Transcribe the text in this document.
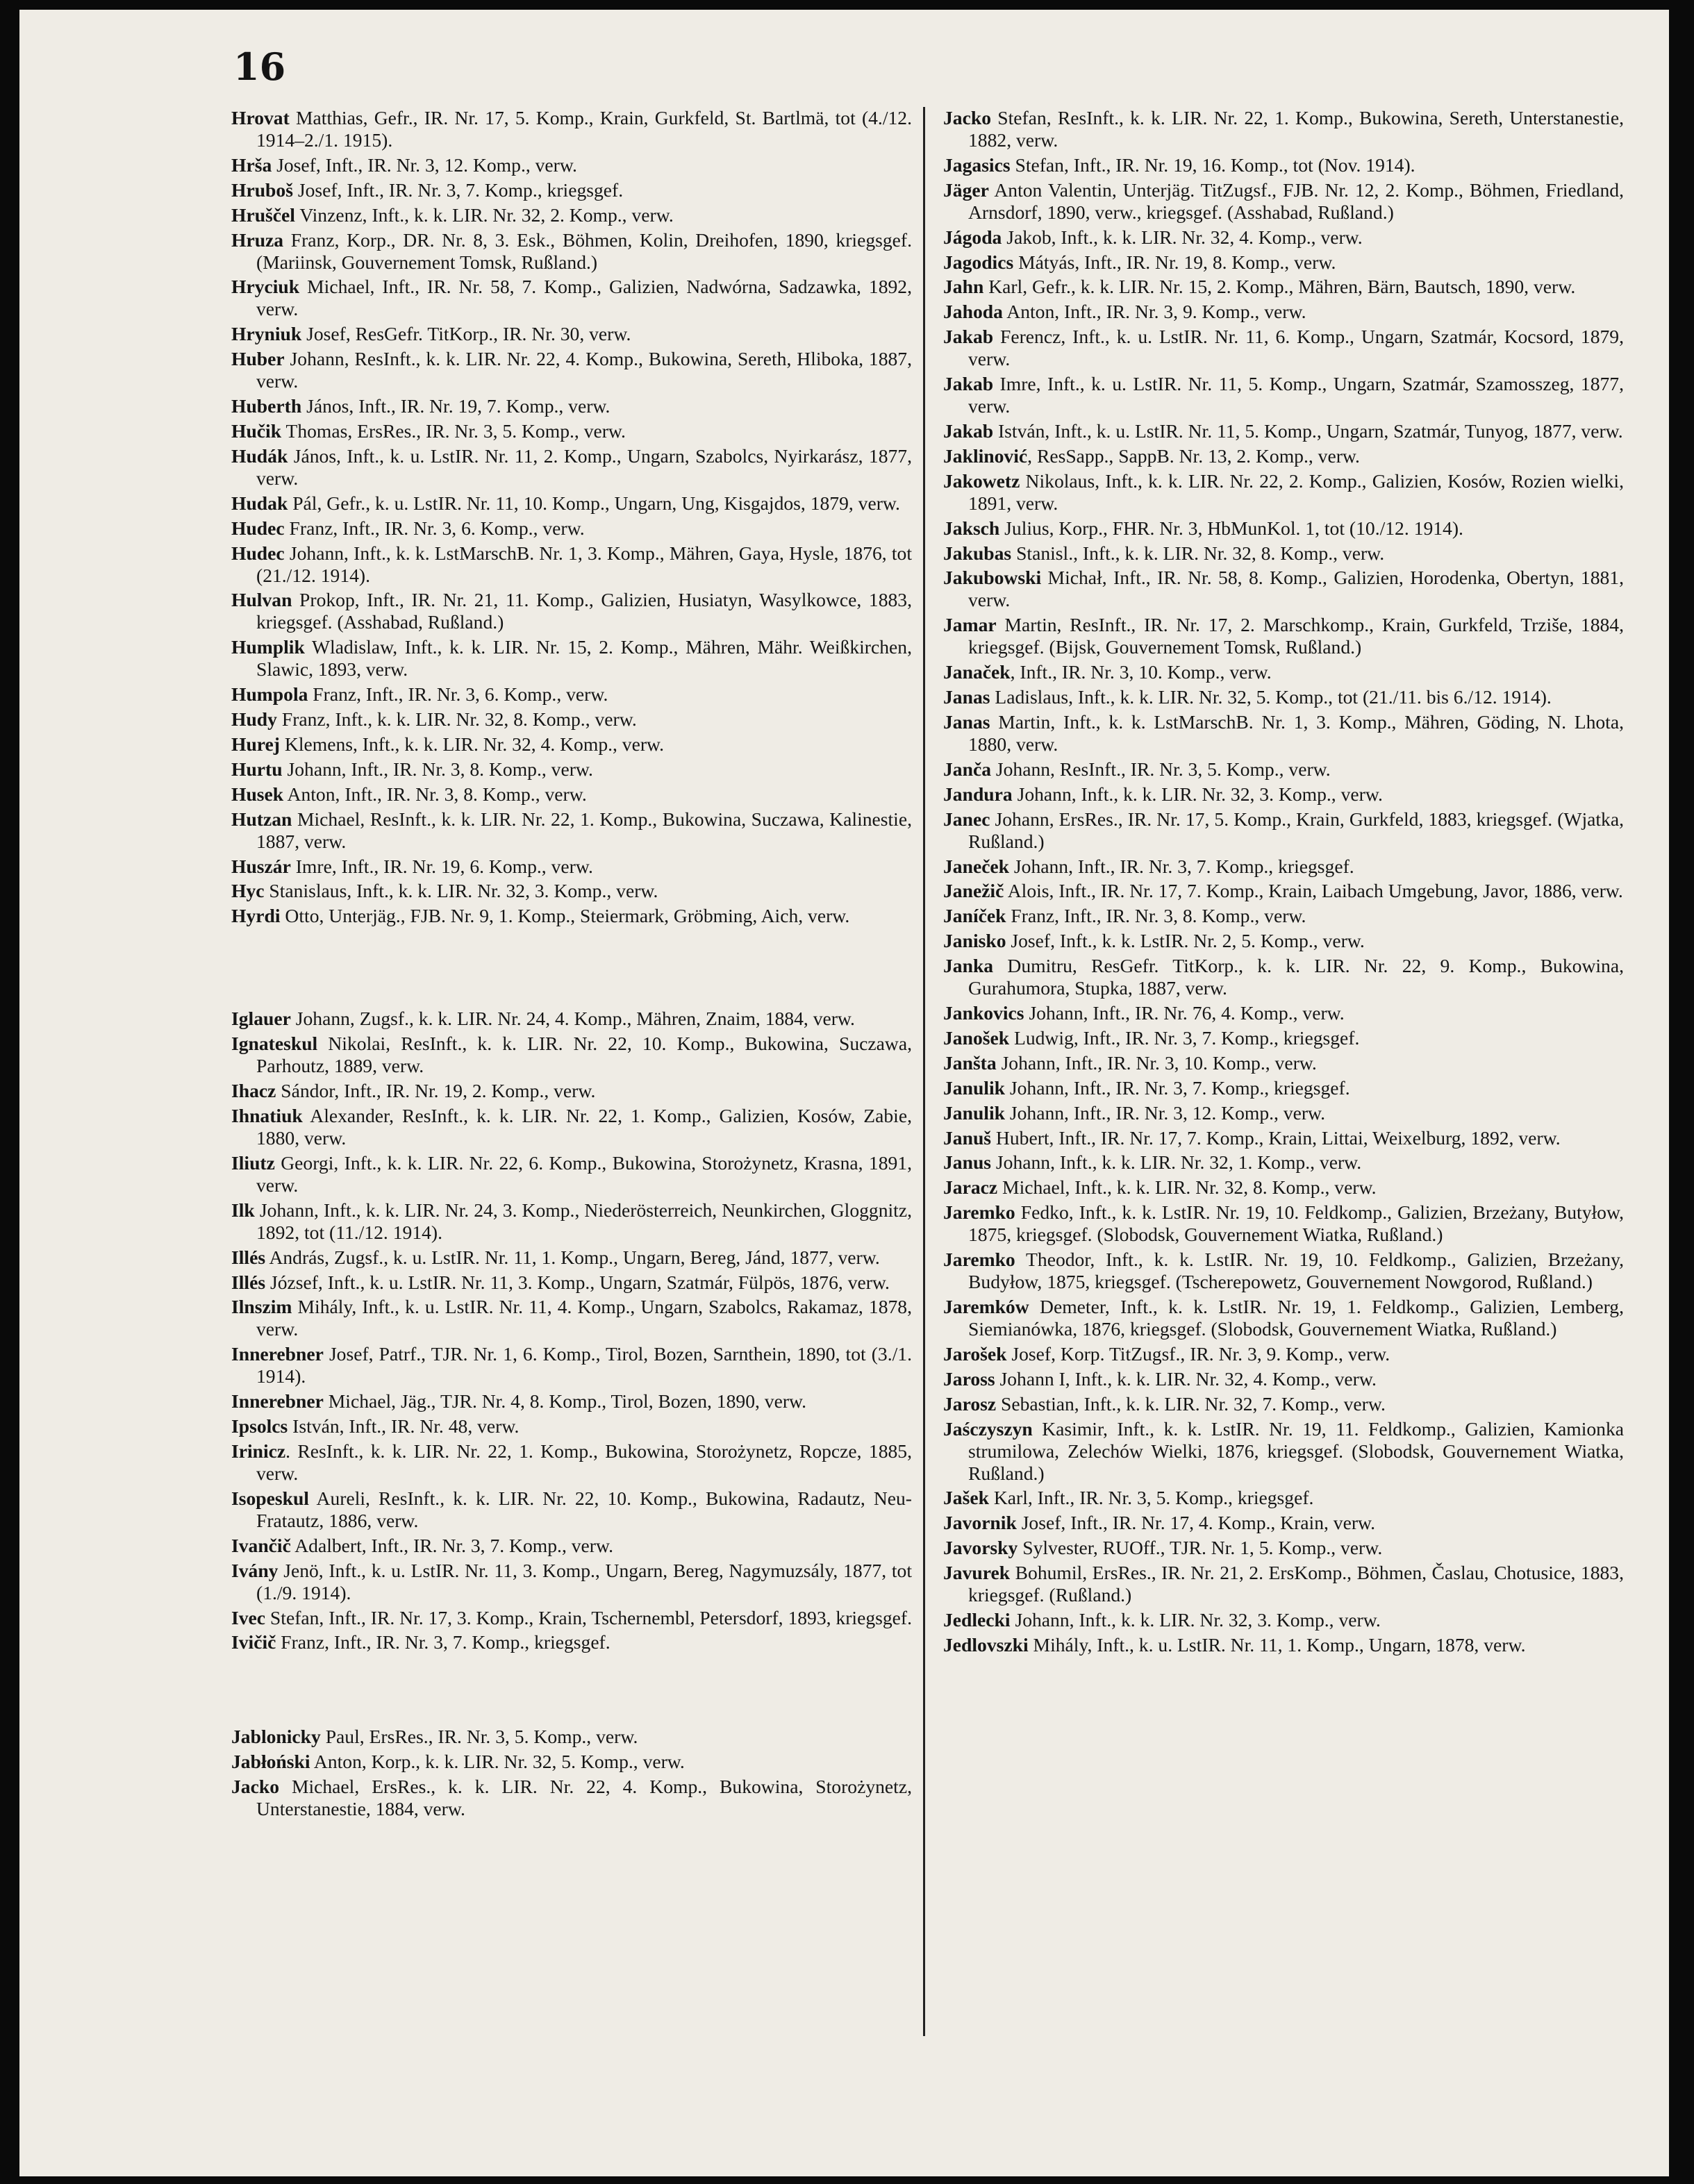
16
Hrovat Matthias, Gefr., IR. Nr. 17, 5. Komp., Krain, Gurkfeld, St. Bartlmä, tot (4./12. 1914–2./1. 1915).
Hrša Josef, Inft., IR. Nr. 3, 12. Komp., verw.
Hruboš Josef, Inft., IR. Nr. 3, 7. Komp., kriegsgef.
Hruščel Vinzenz, Inft., k. k. LIR. Nr. 32, 2. Komp., verw.
Hruza Franz, Korp., DR. Nr. 8, 3. Esk., Böhmen, Kolin, Dreihofen, 1890, kriegsgef. (Mariinsk, Gouvernement Tomsk, Rußland.)
Hryciuk Michael, Inft., IR. Nr. 58, 7. Komp., Galizien, Nadwórna, Sadzawka, 1892, verw.
Hryniuk Josef, ResGefr. TitKorp., IR. Nr. 30, verw.
Huber Johann, ResInft., k. k. LIR. Nr. 22, 4. Komp., Bukowina, Sereth, Hliboka, 1887, verw.
Huberth János, Inft., IR. Nr. 19, 7. Komp., verw.
Hučik Thomas, ErsRes., IR. Nr. 3, 5. Komp., verw.
Hudák János, Inft., k. u. LstIR. Nr. 11, 2. Komp., Ungarn, Szabolcs, Nyirkarász, 1877, verw.
Hudak Pál, Gefr., k. u. LstIR. Nr. 11, 10. Komp., Ungarn, Ung, Kisgajdos, 1879, verw.
Hudec Franz, Inft., IR. Nr. 3, 6. Komp., verw.
Hudec Johann, Inft., k. k. LstMarschB. Nr. 1, 3. Komp., Mähren, Gaya, Hysle, 1876, tot (21./12. 1914).
Hulvan Prokop, Inft., IR. Nr. 21, 11. Komp., Galizien, Husiatyn, Wasylkowce, 1883, kriegsgef. (Asshabad, Rußland.)
Humplik Wladislaw, Inft., k. k. LIR. Nr. 15, 2. Komp., Mähren, Mähr. Weißkirchen, Slawic, 1893, verw.
Humpola Franz, Inft., IR. Nr. 3, 6. Komp., verw.
Hudy Franz, Inft., k. k. LIR. Nr. 32, 8. Komp., verw.
Hurej Klemens, Inft., k. k. LIR. Nr. 32, 4. Komp., verw.
Hurtu Johann, Inft., IR. Nr. 3, 8. Komp., verw.
Husek Anton, Inft., IR. Nr. 3, 8. Komp., verw.
Hutzan Michael, ResInft., k. k. LIR. Nr. 22, 1. Komp., Bukowina, Suczawa, Kalinestie, 1887, verw.
Huszár Imre, Inft., IR. Nr. 19, 6. Komp., verw.
Hyc Stanislaus, Inft., k. k. LIR. Nr. 32, 3. Komp., verw.
Hyrdi Otto, Unterjäg., FJB. Nr. 9, 1. Komp., Steiermark, Gröbming, Aich, verw.
Iglauer Johann, Zugsf., k. k. LIR. Nr. 24, 4. Komp., Mähren, Znaim, 1884, verw.
Ignateskul Nikolai, ResInft., k. k. LIR. Nr. 22, 10. Komp., Bukowina, Suczawa, Parhoutz, 1889, verw.
Ihacz Sándor, Inft., IR. Nr. 19, 2. Komp., verw.
Ihnatiuk Alexander, ResInft., k. k. LIR. Nr. 22, 1. Komp., Galizien, Kosów, Zabie, 1880, verw.
Iliutz Georgi, Inft., k. k. LIR. Nr. 22, 6. Komp., Bukowina, Storożynetz, Krasna, 1891, verw.
Ilk Johann, Inft., k. k. LIR. Nr. 24, 3. Komp., Niederösterreich, Neunkirchen, Gloggnitz, 1892, tot (11./12. 1914).
Illés András, Zugsf., k. u. LstIR. Nr. 11, 1. Komp., Ungarn, Bereg, Jánd, 1877, verw.
Illés József, Inft., k. u. LstIR. Nr. 11, 3. Komp., Ungarn, Szatmár, Fülpös, 1876, verw.
Ilnszim Mihály, Inft., k. u. LstIR. Nr. 11, 4. Komp., Ungarn, Szabolcs, Rakamaz, 1878, verw.
Innerebner Josef, Patrf., TJR. Nr. 1, 6. Komp., Tirol, Bozen, Sarnthein, 1890, tot (3./1. 1914).
Innerebner Michael, Jäg., TJR. Nr. 4, 8. Komp., Tirol, Bozen, 1890, verw.
Ipsolcs István, Inft., IR. Nr. 48, verw.
Irinicz. ResInft., k. k. LIR. Nr. 22, 1. Komp., Bukowina, Storożynetz, Ropcze, 1885, verw.
Isopeskul Aureli, ResInft., k. k. LIR. Nr. 22, 10. Komp., Bukowina, Radautz, Neu-Fratautz, 1886, verw.
Ivančič Adalbert, Inft., IR. Nr. 3, 7. Komp., verw.
Ivány Jenö, Inft., k. u. LstIR. Nr. 11, 3. Komp., Ungarn, Bereg, Nagymuzsály, 1877, tot (1./9. 1914).
Ivec Stefan, Inft., IR. Nr. 17, 3. Komp., Krain, Tschernembl, Petersdorf, 1893, kriegsgef.
Ivičič Franz, Inft., IR. Nr. 3, 7. Komp., kriegsgef.
Jablonicky Paul, ErsRes., IR. Nr. 3, 5. Komp., verw.
Jabłoński Anton, Korp., k. k. LIR. Nr. 32, 5. Komp., verw.
Jacko Michael, ErsRes., k. k. LIR. Nr. 22, 4. Komp., Bukowina, Storożynetz, Unterstanestie, 1884, verw.
Jacko Stefan, ResInft., k. k. LIR. Nr. 22, 1. Komp., Bukowina, Sereth, Unterstanestie, 1882, verw.
Jagasics Stefan, Inft., IR. Nr. 19, 16. Komp., tot (Nov. 1914).
Jäger Anton Valentin, Unterjäg. TitZugsf., FJB. Nr. 12, 2. Komp., Böhmen, Friedland, Arnsdorf, 1890, verw., kriegsgef. (Asshabad, Rußland.)
Jágoda Jakob, Inft., k. k. LIR. Nr. 32, 4. Komp., verw.
Jagodics Mátyás, Inft., IR. Nr. 19, 8. Komp., verw.
Jahn Karl, Gefr., k. k. LIR. Nr. 15, 2. Komp., Mähren, Bärn, Bautsch, 1890, verw.
Jahoda Anton, Inft., IR. Nr. 3, 9. Komp., verw.
Jakab Ferencz, Inft., k. u. LstIR. Nr. 11, 6. Komp., Ungarn, Szatmár, Kocsord, 1879, verw.
Jakab Imre, Inft., k. u. LstIR. Nr. 11, 5. Komp., Ungarn, Szatmár, Szamosszeg, 1877, verw.
Jakab István, Inft., k. u. LstIR. Nr. 11, 5. Komp., Ungarn, Szatmár, Tunyog, 1877, verw.
Jaklinović, ResSapp., SappB. Nr. 13, 2. Komp., verw.
Jakowetz Nikolaus, Inft., k. k. LIR. Nr. 22, 2. Komp., Galizien, Kosów, Rozien wielki, 1891, verw.
Jaksch Julius, Korp., FHR. Nr. 3, HbMunKol. 1, tot (10./12. 1914).
Jakubas Stanisl., Inft., k. k. LIR. Nr. 32, 8. Komp., verw.
Jakubowski Michał, Inft., IR. Nr. 58, 8. Komp., Galizien, Horodenka, Obertyn, 1881, verw.
Jamar Martin, ResInft., IR. Nr. 17, 2. Marschkomp., Krain, Gurkfeld, Trziše, 1884, kriegsgef. (Bijsk, Gouvernement Tomsk, Rußland.)
Janaček, Inft., IR. Nr. 3, 10. Komp., verw.
Janas Ladislaus, Inft., k. k. LIR. Nr. 32, 5. Komp., tot (21./11. bis 6./12. 1914).
Janas Martin, Inft., k. k. LstMarschB. Nr. 1, 3. Komp., Mähren, Göding, N. Lhota, 1880, verw.
Janča Johann, ResInft., IR. Nr. 3, 5. Komp., verw.
Jandura Johann, Inft., k. k. LIR. Nr. 32, 3. Komp., verw.
Janec Johann, ErsRes., IR. Nr. 17, 5. Komp., Krain, Gurkfeld, 1883, kriegsgef. (Wjatka, Rußland.)
Janeček Johann, Inft., IR. Nr. 3, 7. Komp., kriegsgef.
Janežič Alois, Inft., IR. Nr. 17, 7. Komp., Krain, Laibach Umgebung, Javor, 1886, verw.
Janíček Franz, Inft., IR. Nr. 3, 8. Komp., verw.
Janisko Josef, Inft., k. k. LstIR. Nr. 2, 5. Komp., verw.
Janka Dumitru, ResGefr. TitKorp., k. k. LIR. Nr. 22, 9. Komp., Bukowina, Gurahumora, Stupka, 1887, verw.
Jankovics Johann, Inft., IR. Nr. 76, 4. Komp., verw.
Janošek Ludwig, Inft., IR. Nr. 3, 7. Komp., kriegsgef.
Janšta Johann, Inft., IR. Nr. 3, 10. Komp., verw.
Janulik Johann, Inft., IR. Nr. 3, 7. Komp., kriegsgef.
Janulik Johann, Inft., IR. Nr. 3, 12. Komp., verw.
Januš Hubert, Inft., IR. Nr. 17, 7. Komp., Krain, Littai, Weixelburg, 1892, verw.
Janus Johann, Inft., k. k. LIR. Nr. 32, 1. Komp., verw.
Jaracz Michael, Inft., k. k. LIR. Nr. 32, 8. Komp., verw.
Jaremko Fedko, Inft., k. k. LstIR. Nr. 19, 10. Feldkomp., Galizien, Brzeżany, Butyłow, 1875, kriegsgef. (Slobodsk, Gouvernement Wiatka, Rußland.)
Jaremko Theodor, Inft., k. k. LstIR. Nr. 19, 10. Feldkomp., Galizien, Brzeżany, Budyłow, 1875, kriegsgef. (Tscherepowetz, Gouvernement Nowgorod, Rußland.)
Jaremków Demeter, Inft., k. k. LstIR. Nr. 19, 1. Feldkomp., Galizien, Lemberg, Siemianówka, 1876, kriegsgef. (Slobodsk, Gouvernement Wiatka, Rußland.)
Jarošek Josef, Korp. TitZugsf., IR. Nr. 3, 9. Komp., verw.
Jaross Johann I, Inft., k. k. LIR. Nr. 32, 4. Komp., verw.
Jarosz Sebastian, Inft., k. k. LIR. Nr. 32, 7. Komp., verw.
Jaśczyszyn Kasimir, Inft., k. k. LstIR. Nr. 19, 11. Feldkomp., Galizien, Kamionka strumilowa, Zelechów Wielki, 1876, kriegsgef. (Slobodsk, Gouvernement Wiatka, Rußland.)
Jašek Karl, Inft., IR. Nr. 3, 5. Komp., kriegsgef.
Javornik Josef, Inft., IR. Nr. 17, 4. Komp., Krain, verw.
Javorsky Sylvester, RUOff., TJR. Nr. 1, 5. Komp., verw.
Javurek Bohumil, ErsRes., IR. Nr. 21, 2. ErsKomp., Böhmen, Časlau, Chotusice, 1883, kriegsgef. (Rußland.)
Jedlecki Johann, Inft., k. k. LIR. Nr. 32, 3. Komp., verw.
Jedlovszki Mihály, Inft., k. u. LstIR. Nr. 11, 1. Komp., Ungarn, 1878, verw.
